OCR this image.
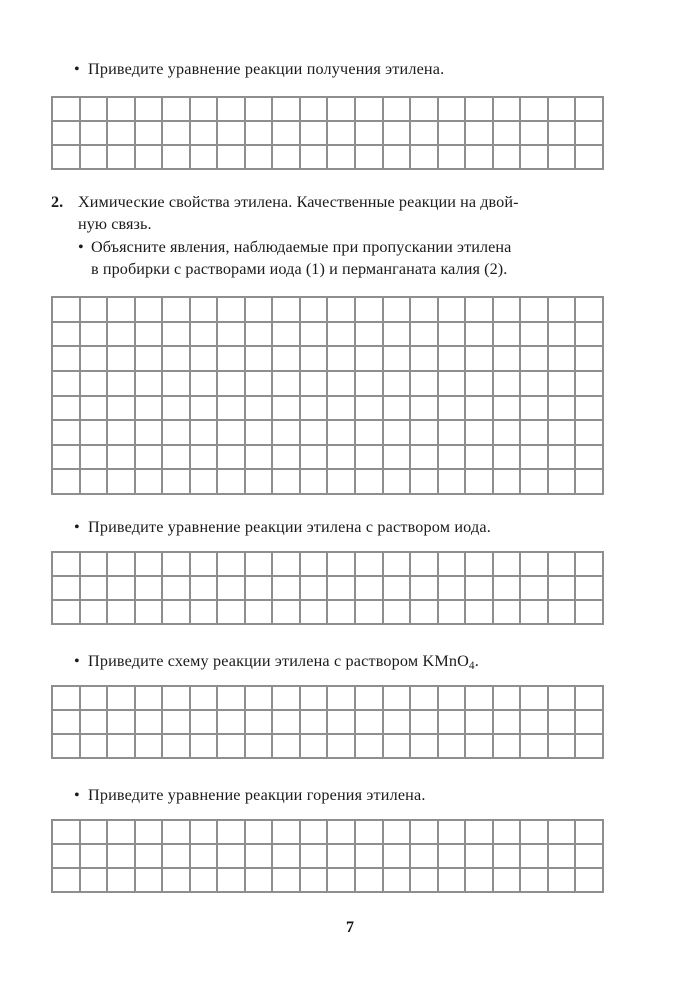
• Приведите уравнение реакции получения этилена.
2. Химические свойства этилена. Качественные реакции на двой-
ную связь.
• Объясните явления, наблюдаемые при пропускании этилена
в пробирки с растворами иода (1) и перманганата калия (2).
• Приведите уравнение реакции этилена с раствором иода.
• Приведите схему реакции этилена с раствором KMnO$_4$.
• Приведите уравнение реакции горения этилена.
7
